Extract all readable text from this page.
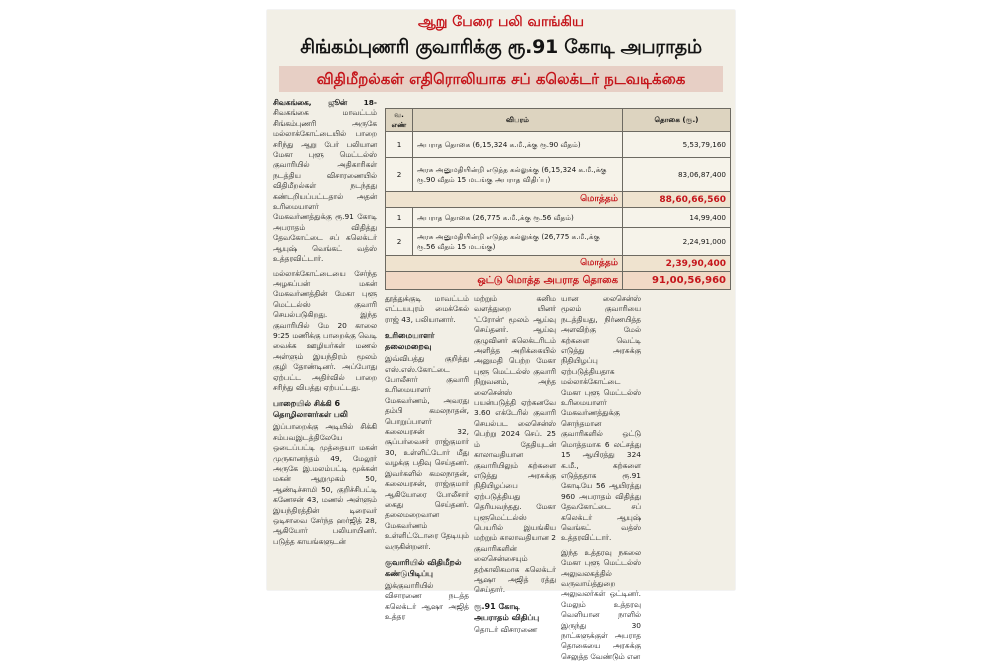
ஆறு பேரை பலி வாங்கிய
சிங்கம்புணரி குவாரிக்கு ரூ.91 கோடி அபராதம்
விதிமீறல்கள் எதிரொலியாக சப் கலெக்டர் நடவடிக்கை

சிவகங்கை, ஜூன் 18- சிவகங்கை மாவட்டம் சிங்கம்புணரி அருகே மல்லாக்கோட்டையில் பாறை சரிந்து ஆறு பேர் பலியான மேகா புளூ மெட்டல்ஸ் குவாரியில் அதிகாரிகள் நடத்திய விசாரணையில் விதிமீறல்கள் நடந்தது கண்டறியப்பட்டதால் அதன் உரிமையாளர் மேகவர்ணத்துக்கு ரூ.91 கோடி அபராதம் விதித்து தேவகோட்டை சப் கலெக்டர் ஆயுஷ் வெங்கட் வத்ஸ் உத்தரவிட்டார்.

மல்லாக்கோட்டையை சேர்ந்த அழகப்பன் மகன் மேகவர்ணத்தின் மேகா புளூ மெட்டல்ஸ் குவாரி செயல்படுகிறது. இந்த குவாரியில் மே 20 காலை 9:25 மணிக்கு பாறைக்கு வெடி வைக்க ஊழியர்கள் மணல் அள்ளும் இயந்திரம் மூலம் குழி தோண்டினர். அப்போது ஏற்பட்ட அதிர்வில் பாறை சரிந்து விபத்து ஏற்பட்டது.

பாறையில் சிக்கி 6 தொழிலாளர்கள் பலி

இப்பாறைக்கு அடியில் சிக்கி சம்பவஇடத்திலேயே ஒடைப்பட்டி முத்தையா மகன் முருகானந்தம் 49, மேலூர் அருகே இ.மலம்பட்டி மூக்கன் மகன் ஆறுமுகம் 50, ஆண்டிச்சாமி 50, குறிச்சிபட்டி கணேசன் 43, மணல் அள்ளும் இயந்திரத்தின் டிரைவர் ஒடிசாவை சேர்ந்த ஹர்ஜித் 28, ஆகியோர் பலியாயினர். படுத்த காயங்களுடன்

வ. எண்	விபரம்	தொகை (ரூ.)
1	அபராத தொகை (6,15,324 க.மீ.,க்கு ரூ.90 வீதம்)	5,53,79,160
2	அரசு அனுமதியின்றி எடுத்த கல்லுக்கு (6,15,324 க.மீ.,க்கு ரூ.90 வீதம் 15 மடங்கு அபராத விதிப்பு)	83,06,87,400
மொத்தம்		88,60,66,560
1	அபராத தொகை (26,775 க.மீ.,க்கு ரூ.56 வீதம்)	14,99,400
2	அரசு அனுமதியின்றி எடுத்த கல்லுக்கு (26,775 க.மீ.,க்கு ரூ.56 வீதம் 15 மடங்கு)	2,24,91,000
மொத்தம்		2,39,90,400
ஒட்டு மொத்த அபராத தொகை		91,00,56,960

தூத்துக்குடி மாவட்டம் எட்டயபுரம் மைக்கேல் ராஜ் 43, பலியானார்.

உரிமையாளர் தலைமறைவு

இவ்விபத்து குறித்து எஸ்.எஸ்.கோட்டை போலீசார் குவாரி உரிமையாளர் மேகவர்ணம், அவரது தம்பி கமலநாதன், பொறுப்பாளர் கலையரசன் 32, சூப்பர்வைசர் ராஜ்குமார் 30, உள்ளிட்டோர் மீது வழக்கு பதிவு செய்தனர். இவர்களில் கமலநாதன், கலையரசன், ராஜ்குமார் ஆகியோரை போலீசார் கைது செய்தனர். தலைமறைவான மேகவர்ணம் உள்ளிட்டோரை தேடியும் வருகின்றனர்.

குவாரியில் விதிமீறல் கண்டுபிடிப்பு

இக்குவாரியில் விசாரணை நடத்த கலெக்டர் ஆஷா அஜித் உத்தர

மற்றும் கனிம வளத்துறை யினர் 'ட்ரோன்' மூலம் ஆய்வு செய்தனர். ஆய்வு குழுவினர் கலெக்டரிடம் அளித்த அறிக்கையில் அனுமதி பெற்ற மேகா புளூ மெட்டல்ஸ் குவாரி நிறுவனம், அந்த லைசென்ஸ் பயன்படுத்தி ஏற்கனவே 3.60 எக்டேரில் குவாரி செயல்பட லைசென்ஸ் பெற்று 2024 செப். 25 ம் தேதியுடன் காலாவதியான குவாரியிலும் கற்களை எடுத்து அரசுக்கு நிதியிழப்பை ஏற்படுத்தியது தெரியவந்தது. மேகா புளூமெட்டல்ஸ் பெயரில் இயங்கிய மற்றும் காலாவதியான 2 குவாரிகளின் லைசென்சையும் தற்காலிகமாக கலெக்டர் ஆஷா அஜித் ரத்து செய்தார்.

ரூ.91 கோடி அபராதம் விதிப்பு

தொடர் விசாரணை

யான லைசென்ஸ் மூலம் குவாரியை நடத்தியது, நிர்ணயித்த அளவிற்கு மேல் கற்களை வெட்டி எடுத்து அரசுக்கு நிதியிழப்பு ஏற்படுத்தியதாக மல்லாக்கோட்டை மேகா புளூ மெட்டல்ஸ் உரிமையாளர் மேகவர்ணத்துக்கு சொந்தமான குவாரிகளில் ஒட்டு மொத்தமாக 6 லட்சத்து 15 ஆயிரத்து 324 க.மீ., கற்களை எடுத்ததாக ரூ.91 கோடியே 56 ஆயிரத்து 960 அபராதம் விதித்து தேவகோட்டை சப் கலெக்டர் ஆயுஷ் வெங்கட் வத்ஸ் உத்தரவிட்டார்.

இந்த உத்தரவு நகலை மேகா புளூ மெட்டல்ஸ் அலுவலகத்தில் வருவாய்த்துறை அலுவலர்கள் ஒட்டினர். மேலும் உத்தரவு வெளியான நாளில் இருந்து 30 நாட்களுக்குள் அபராத தொகையை அரசுக்கு செலுத்த வேண்டும் என
